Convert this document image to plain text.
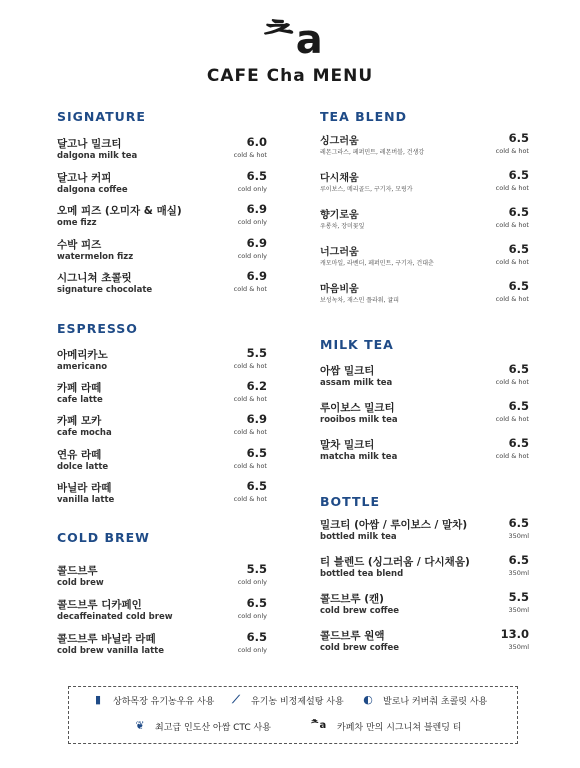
ᄎa
CAFE Cha MENU
SIGNATURE
달고나 밀크티
dalgona milk tea
6.0
cold & hot
달고나 커피
dalgona coffee
6.5
cold only
오메 피즈 (오미자 & 매실)
ome fizz
6.9
cold only
수박 피즈
watermelon fizz
6.9
cold only
시그니쳐 초콜릿
signature chocolate
6.9
cold & hot
ESPRESSO
아메리카노
americano
5.5
cold & hot
카페 라떼
cafe latte
6.2
cold & hot
카페 모카
cafe mocha
6.9
cold & hot
연유 라떼
dolce latte
6.5
cold & hot
바닐라 라떼
vanilla latte
6.5
cold & hot
COLD BREW
콜드브루
cold brew
5.5
cold only
콜드브루 디카페인
decaffeinated cold brew
6.5
cold only
콜드브루 바닐라 라떼
cold brew vanilla latte
6.5
cold only
TEA BLEND
싱그러움
레몬그라스, 페퍼민트, 레몬버블, 건생강
6.5
cold & hot
다시채움
루이보스, 메리골드, 구기자, 모링가
6.5
cold & hot
향기로움
우롱차, 장미꽃잎
6.5
cold & hot
너그러움
캐모마일, 라벤더, 페퍼민트, 구기자, 건대춘
6.5
cold & hot
마음비움
보성녹차, 재스민 플라워, 귤피
6.5
cold & hot
MILK TEA
아쌈 밀크티
assam milk tea
6.5
cold & hot
루이보스 밀크티
rooibos milk tea
6.5
cold & hot
말차 밀크티
matcha milk tea
6.5
cold & hot
BOTTLE
밀크티 (아쌈 / 루이보스 / 말차)
bottled milk tea
6.5
350ml
티 블렌드 (싱그러움 / 다시채움)
bottled tea blend
6.5
350ml
콜드브루 (캔)
cold brew coffee
5.5
350ml
콜드브루 원액
cold brew coffee
13.0
350ml
▮	상하목장 유기농우유 사용 ⟋	유기농 비정제설탕 사용 ◐ 발로나 커버춰 초콜릿 사용
❦ 최고급 인도산 아쌈 CTC 사용	ᄎa	카페차 만의 시그니쳐 블렌딩 티
